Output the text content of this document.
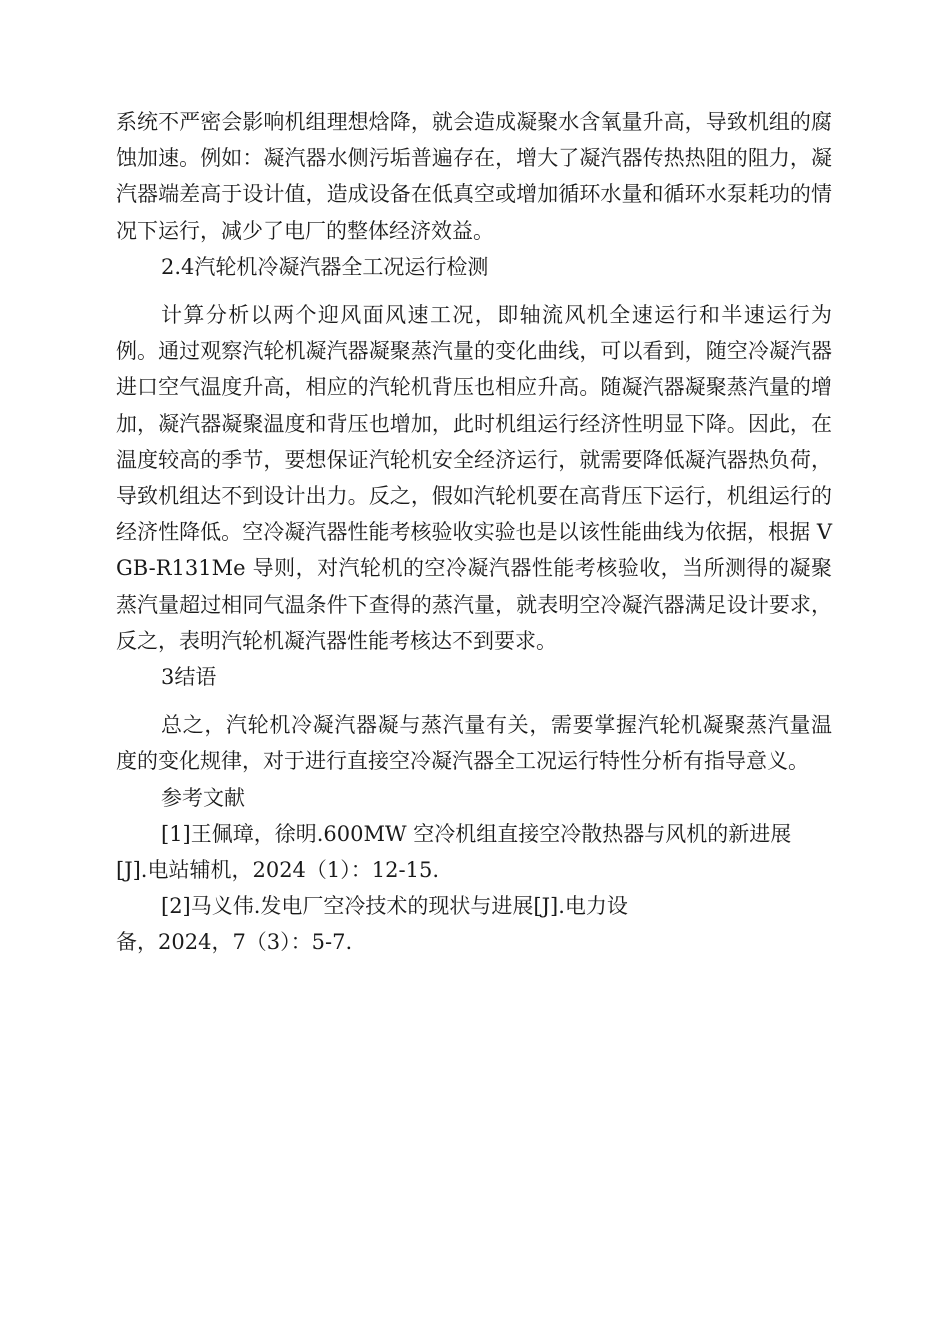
系统不严密会影响机组理想焓降，就会造成凝聚水含氧量升高，导致机组的腐蚀加速。例如：凝汽器水侧污垢普遍存在，增大了凝汽器传热热阻的阻力，凝汽器端差高于设计值，造成设备在低真空或增加循环水量和循环水泵耗功的情况下运行，减少了电厂的整体经济效益。

2.4汽轮机冷凝汽器全工况运行检测

计算分析以两个迎风面风速工况，即轴流风机全速运行和半速运行为例。通过观察汽轮机凝汽器凝聚蒸汽量的变化曲线，可以看到，随空冷凝汽器进口空气温度升高，相应的汽轮机背压也相应升高。随凝汽器凝聚蒸汽量的增加，凝汽器凝聚温度和背压也增加，此时机组运行经济性明显下降。因此，在温度较高的季节，要想保证汽轮机安全经济运行，就需要降低凝汽器热负荷，导致机组达不到设计出力。反之，假如汽轮机要在高背压下运行，机组运行的经济性降低。空冷凝汽器性能考核验收实验也是以该性能曲线为依据，根据 VGB-R131Me 导则，对汽轮机的空冷凝汽器性能考核验收，当所测得的凝聚蒸汽量超过相同气温条件下查得的蒸汽量，就表明空冷凝汽器满足设计要求，反之，表明汽轮机凝汽器性能考核达不到要求。

3结语

总之，汽轮机冷凝汽器凝与蒸汽量有关，需要掌握汽轮机凝聚蒸汽量温度的变化规律，对于进行直接空冷凝汽器全工况运行特性分析有指导意义。

参考文献

[1]王佩璋，徐明.600MW 空冷机组直接空冷散热器与风机的新进展
[J].电站辅机，2024（1）：12-15.
[2]马义伟.发电厂空冷技术的现状与进展[J].电力设
备，2024，7（3）：5-7.
